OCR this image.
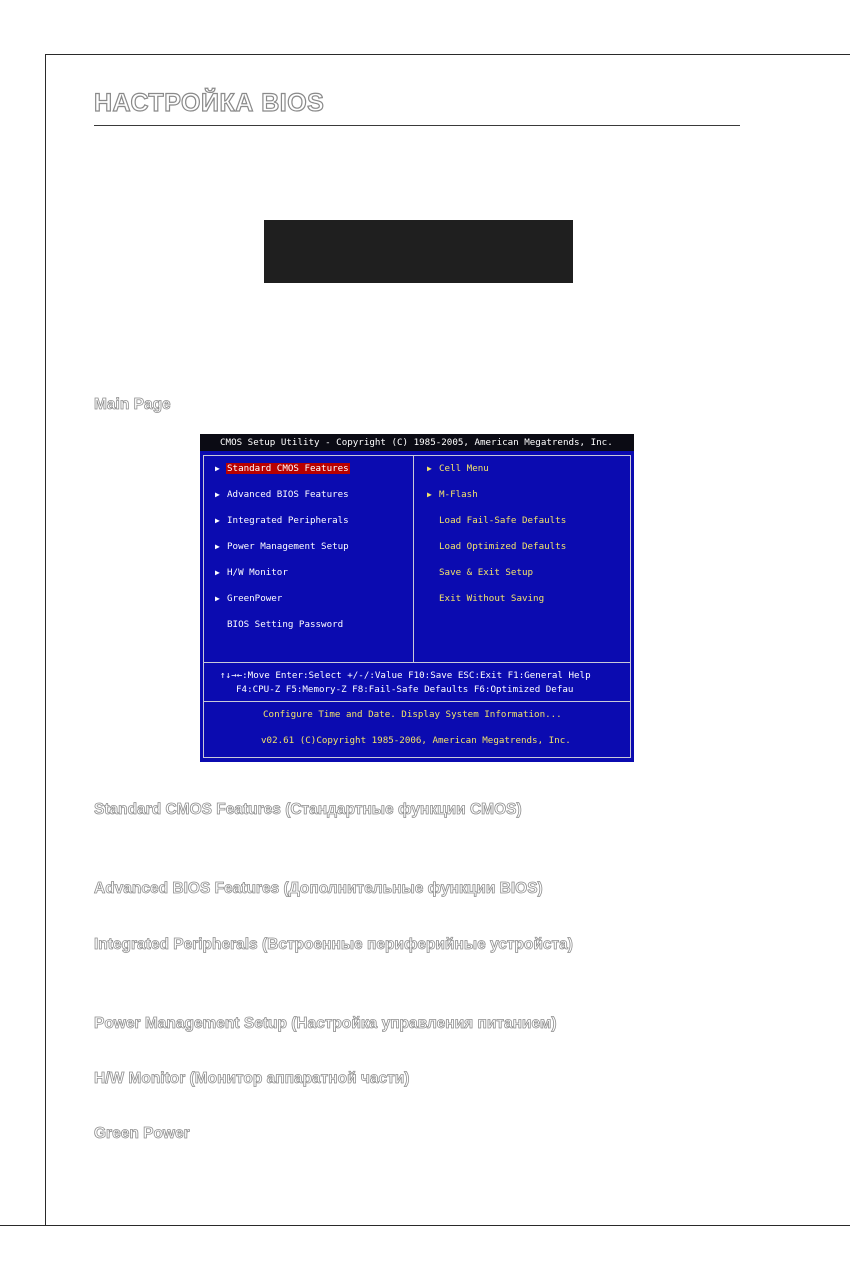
НАСТРОЙКА BIOS
Main Page
CMOS Setup Utility - Copyright (C) 1985-2005, American Megatrends, Inc.
▶ Standard CMOS Features
▶ Advanced BIOS Features
▶ Integrated Peripherals
▶ Power Management Setup
▶ H/W Monitor
▶ GreenPower
BIOS Setting Password
▶ Cell Menu
▶ M-Flash
Load Fail-Safe Defaults
Load Optimized Defaults
Save & Exit Setup
Exit Without Saving
↑↓→←:Move Enter:Select +/-/:Value F10:Save ESC:Exit F1:General Help
F4:CPU-Z F5:Memory-Z F8:Fail-Safe Defaults F6:Optimized Defau
Configure Time and Date. Display System Information...
v02.61 (C)Copyright 1985-2006, American Megatrends, Inc.
Standard CMOS Features (Стандартные функции CMOS)
Advanced BIOS Features (Дополнительные функции BIOS)
Integrated Peripherals (Встроенные периферийные устройста)
Power Management Setup (Настройка управления питанием)
H/W Monitor (Монитор аппаратной части)
Green Power
